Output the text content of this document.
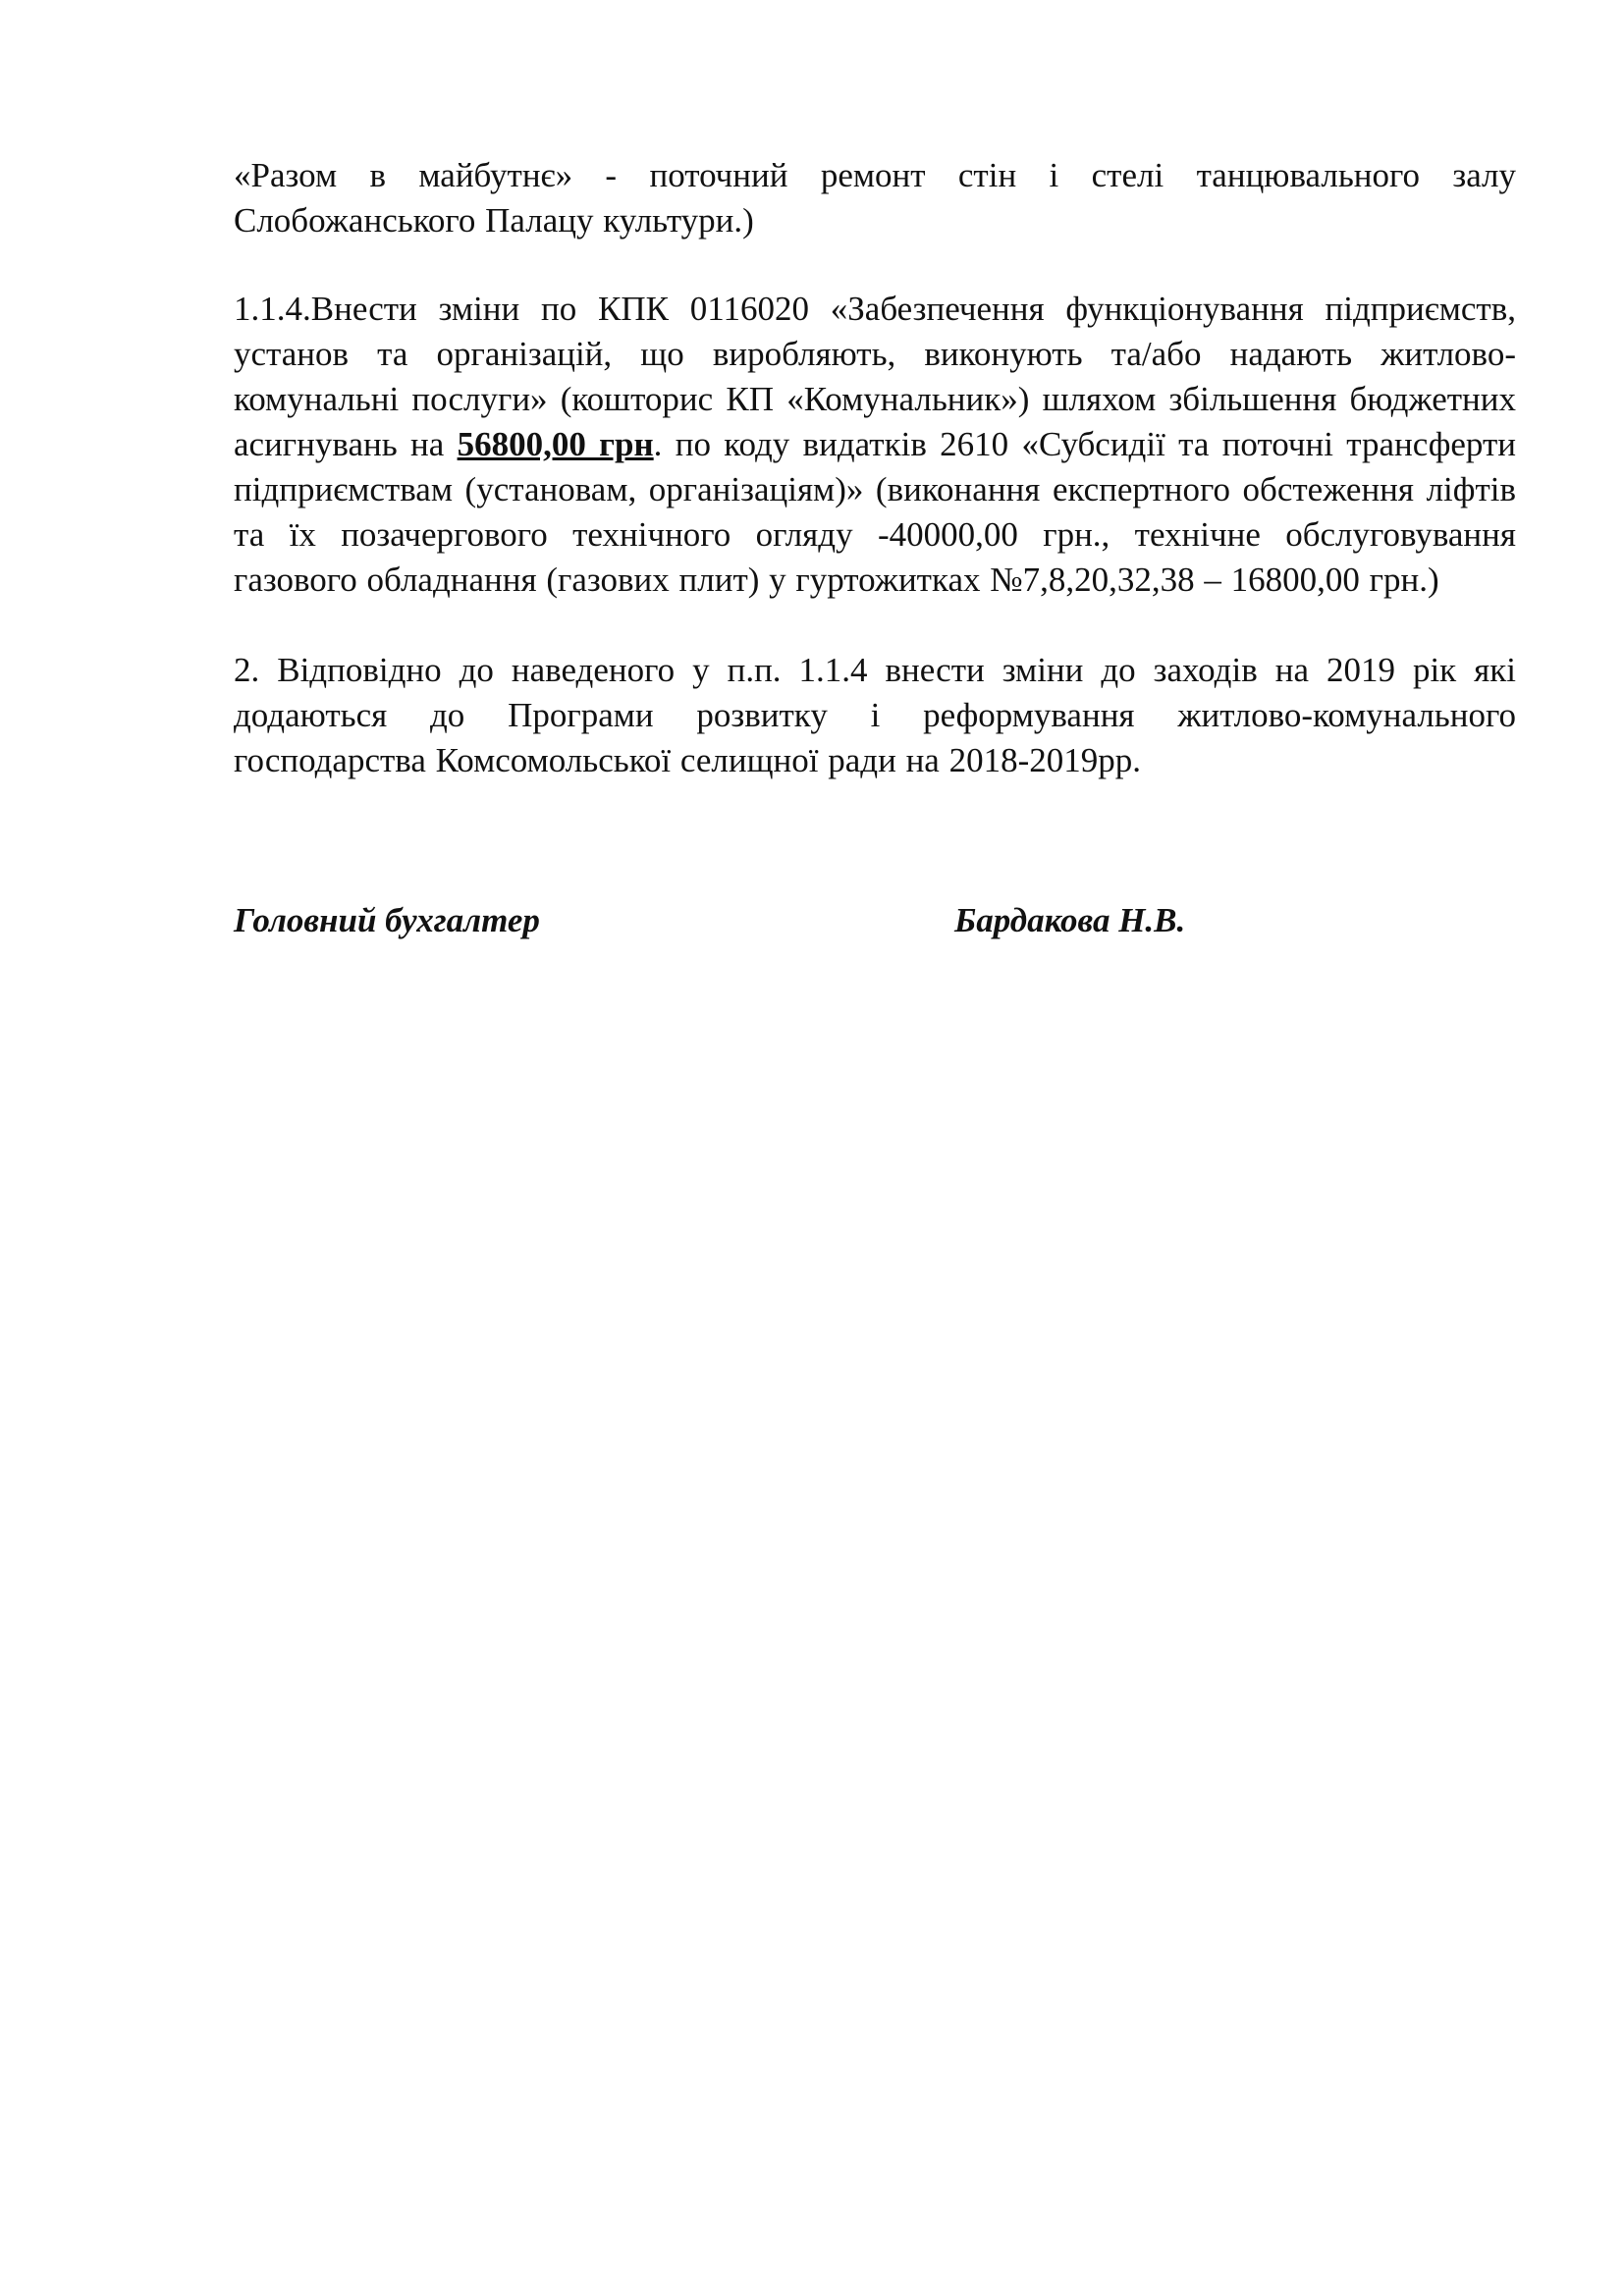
«Разом в майбутнє» - поточний ремонт стін і стелі танцювального залу Слобожанського Палацу культури.)

1.1.4.Внести зміни по КПК 0116020 «Забезпечення функціонування підприємств, установ та організацій, що виробляють, виконують та/або надають житлово-комунальні послуги» (кошторис КП «Комунальник») шляхом збільшення бюджетних асигнувань на 56800,00 грн. по коду видатків 2610 «Субсидії та поточні трансферти підприємствам (установам, організаціям)» (виконання експертного обстеження ліфтів та їх позачергового технічного огляду -40000,00 грн., технічне обслуговування газового обладнання (газових плит) у гуртожитках №7,8,20,32,38 – 16800,00 грн.)

2. Відповідно до наведеного у п.п. 1.1.4 внести зміни до заходів на 2019 рік які додаються до Програми розвитку і реформування житлово-комунального господарства Комсомольської селищної ради на 2018-2019рр.

Головний бухгалтер	Бардакова Н.В.
